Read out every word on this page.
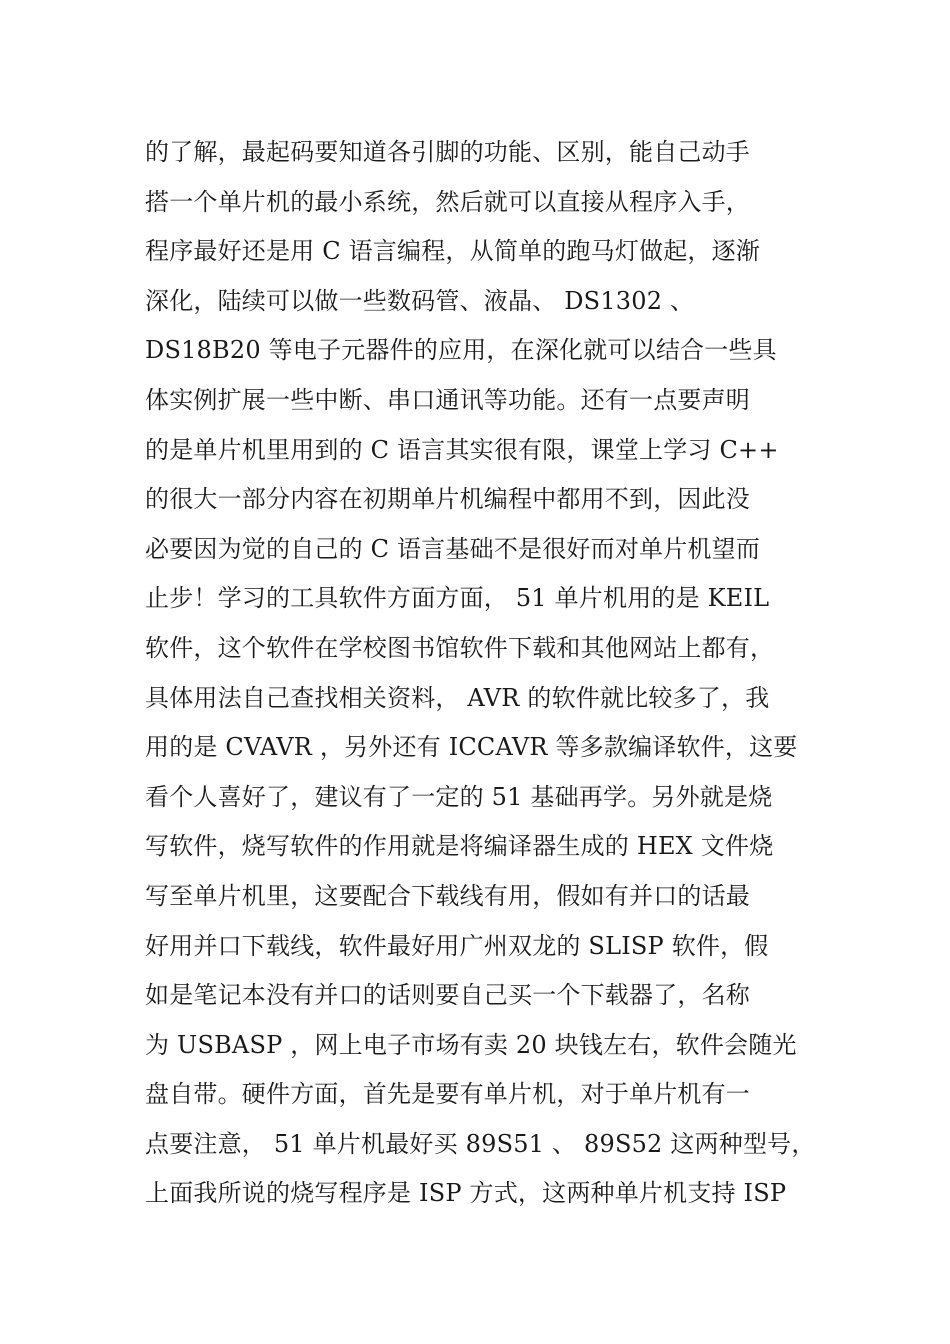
的了解，最起码要知道各引脚的功能、区别，能自己动手
搭一个单片机的最小系统，然后就可以直接从程序入手，
程序最好还是用 C 语言编程，从简单的跑马灯做起，逐渐
深化，陆续可以做一些数码管、液晶、 DS1302 、
DS18B20 等电子元器件的应用，在深化就可以结合一些具
体实例扩展一些中断、串口通讯等功能。还有一点要声明
的是单片机里用到的 C 语言其实很有限，课堂上学习 C++
的很大一部分内容在初期单片机编程中都用不到，因此没
必要因为觉的自己的 C 语言基础不是很好而对单片机望而
止步！学习的工具软件方面方面， 51 单片机用的是 KEIL
软件，这个软件在学校图书馆软件下载和其他网站上都有，
具体用法自己查找相关资料， AVR 的软件就比较多了，我
用的是 CVAVR ，另外还有 ICCAVR 等多款编译软件，这要
看个人喜好了，建议有了一定的 51 基础再学。另外就是烧
写软件，烧写软件的作用就是将编译器生成的 HEX 文件烧
写至单片机里，这要配合下载线有用，假如有并口的话最
好用并口下载线，软件最好用广州双龙的 SLISP 软件，假
如是笔记本没有并口的话则要自己买一个下载器了，名称
为 USBASP ，网上电子市场有卖 20 块钱左右，软件会随光
盘自带。硬件方面，首先是要有单片机，对于单片机有一
点要注意， 51 单片机最好买 89S51 、 89S52 这两种型号，
上面我所说的烧写程序是 ISP 方式，这两种单片机支持 ISP
